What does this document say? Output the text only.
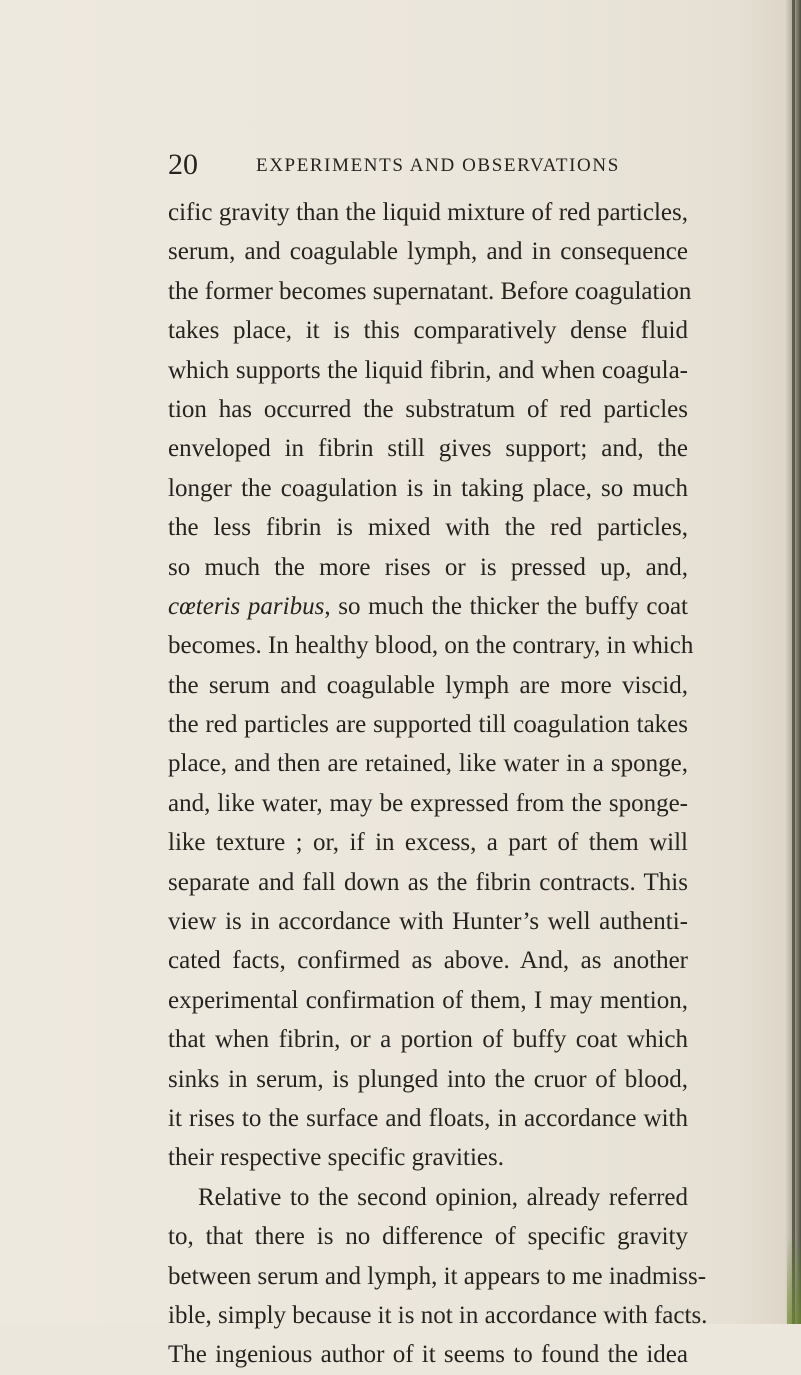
20	EXPERIMENTS AND OBSERVATIONS
cific gravity than the liquid mixture of red particles,
serum, and coagulable lymph, and in consequence
the former becomes supernatant. Before coagulation
takes place, it is this comparatively dense fluid
which supports the liquid fibrin, and when coagula-
tion has occurred the substratum of red particles
enveloped in fibrin still gives support; and, the
longer the coagulation is in taking place, so much
the less fibrin is mixed with the red particles,
so much the more rises or is pressed up, and,
cœteris paribus, so much the thicker the buffy coat
becomes. In healthy blood, on the contrary, in which
the serum and coagulable lymph are more viscid,
the red particles are supported till coagulation takes
place, and then are retained, like water in a sponge,
and, like water, may be expressed from the sponge-
like texture ; or, if in excess, a part of them will
separate and fall down as the fibrin contracts. This
view is in accordance with Hunter’s well authenti-
cated facts, confirmed as above. And, as another
experimental confirmation of them, I may mention,
that when fibrin, or a portion of buffy coat which
sinks in serum, is plunged into the cruor of blood,
it rises to the surface and floats, in accordance with
their respective specific gravities.
Relative to the second opinion, already referred
to, that there is no difference of specific gravity
between serum and lymph, it appears to me inadmiss-
ible, simply because it is not in accordance with facts.
The ingenious author of it seems to found the idea
